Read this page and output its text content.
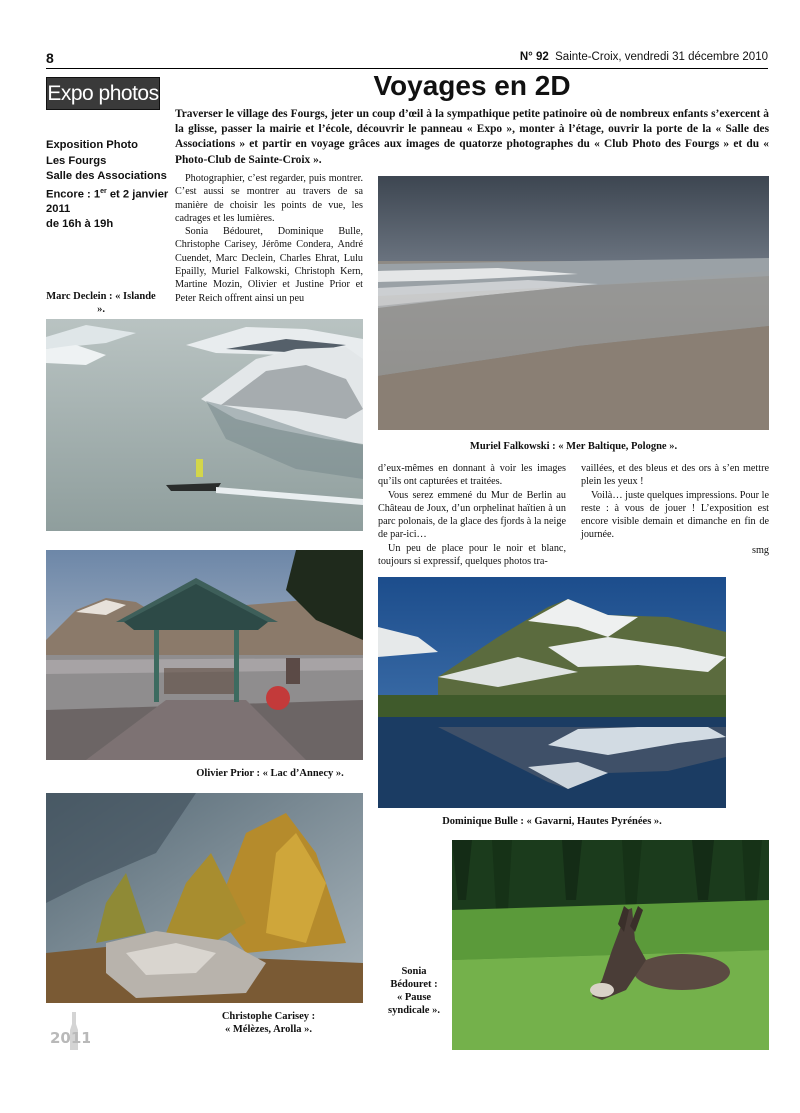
8	N° 92 Sainte-Croix, vendredi 31 décembre 2010
Expo photos	Voyages en 2D
Traverser le village des Fourgs, jeter un coup d’œil à la sympathique petite patinoire où de nombreux enfants s’exercent à la glisse, passer la mairie et l’école, découvrir le panneau « Expo », monter à l’étage, ouvrir la porte de la « Salle des Associations » et partir en voyage grâces aux images de quatorze photographes du « Club Photo des Fourgs » et du « Photo-Club de Sainte-Croix ».

Exposition Photo

Les Fourgs

Salle des Associations

Encore : 1er et 2 janvier 2011

de 16h à 19h

Photographier, c’est regarder, puis montrer. C’est aussi se montrer au travers de sa manière de choisir les points de vue, les cadrages et les lumières.

Sonia Bédouret, Dominique Bulle, Christophe Carisey, Jérôme Condera, André Cuendet, Marc Declein, Charles Ehrat, Lulu Epailly, Muriel Falkowski, Christoph Kern, Martine Mozin, Olivier et Justine Prior et Peter Reich offrent ainsi un peu

Marc Declein : « Islande ».
Muriel Falkowski : « Mer Baltique, Pologne ».

d’eux-mêmes en donnant à voir les images qu’ils ont capturées et traitées.

Vous serez emmené du Mur de Berlin au Château de Joux, d’un orphelinat haïtien à un parc polonais, de la glace des fjords à la neige de par-ici…

Un peu de place pour le noir et blanc, toujours si expressif, quelques photos tra-

vaillées, et des bleus et des ors à s’en mettre plein les yeux !

Voilà… juste quelques impressions. Pour le reste : à vous de jouer ! L’exposition est encore visible demain et dimanche en fin de journée.

smg
Olivier Prior : « Lac d’Annecy ».
Dominique Bulle : « Gavarni, Hautes Pyrénées ».
Christophe Carisey :
« Mélèzes, Arolla ».
Sonia
Bédouret :
« Pause
syndicale ».
2011
